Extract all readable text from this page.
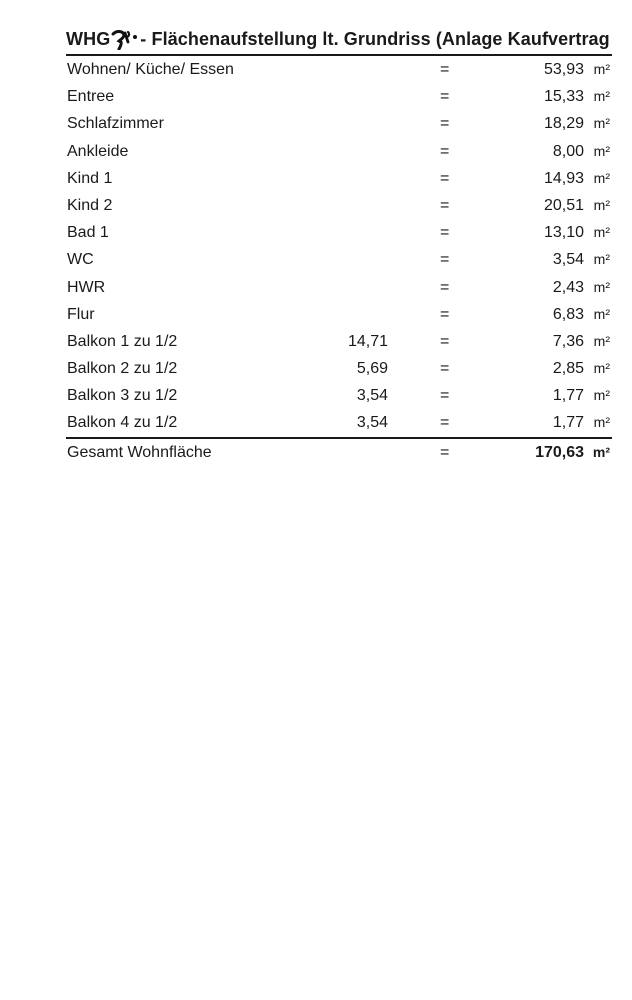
WHG - Flächenaufstellung lt. Grundriss (Anlage Kaufvertrag
Wohnen/ Küche/ Essen	=	53,93 m²
Entree	=	15,33 m²
Schlafzimmer	=	18,29 m²
Ankleide	=	8,00 m²
Kind 1	=	14,93 m²
Kind 2	=	20,51 m²
Bad 1	=	13,10 m²
WC	=	3,54 m²
HWR	=	2,43 m²
Flur	=	6,83 m²
Balkon 1 zu 1/2	14,71	=	7,36 m²
Balkon 2 zu 1/2	5,69	=	2,85 m²
Balkon 3 zu 1/2	3,54	=	1,77 m²
Balkon 4 zu 1/2	3,54	=	1,77 m²
Gesamt Wohnfläche	=	170,63 m²
